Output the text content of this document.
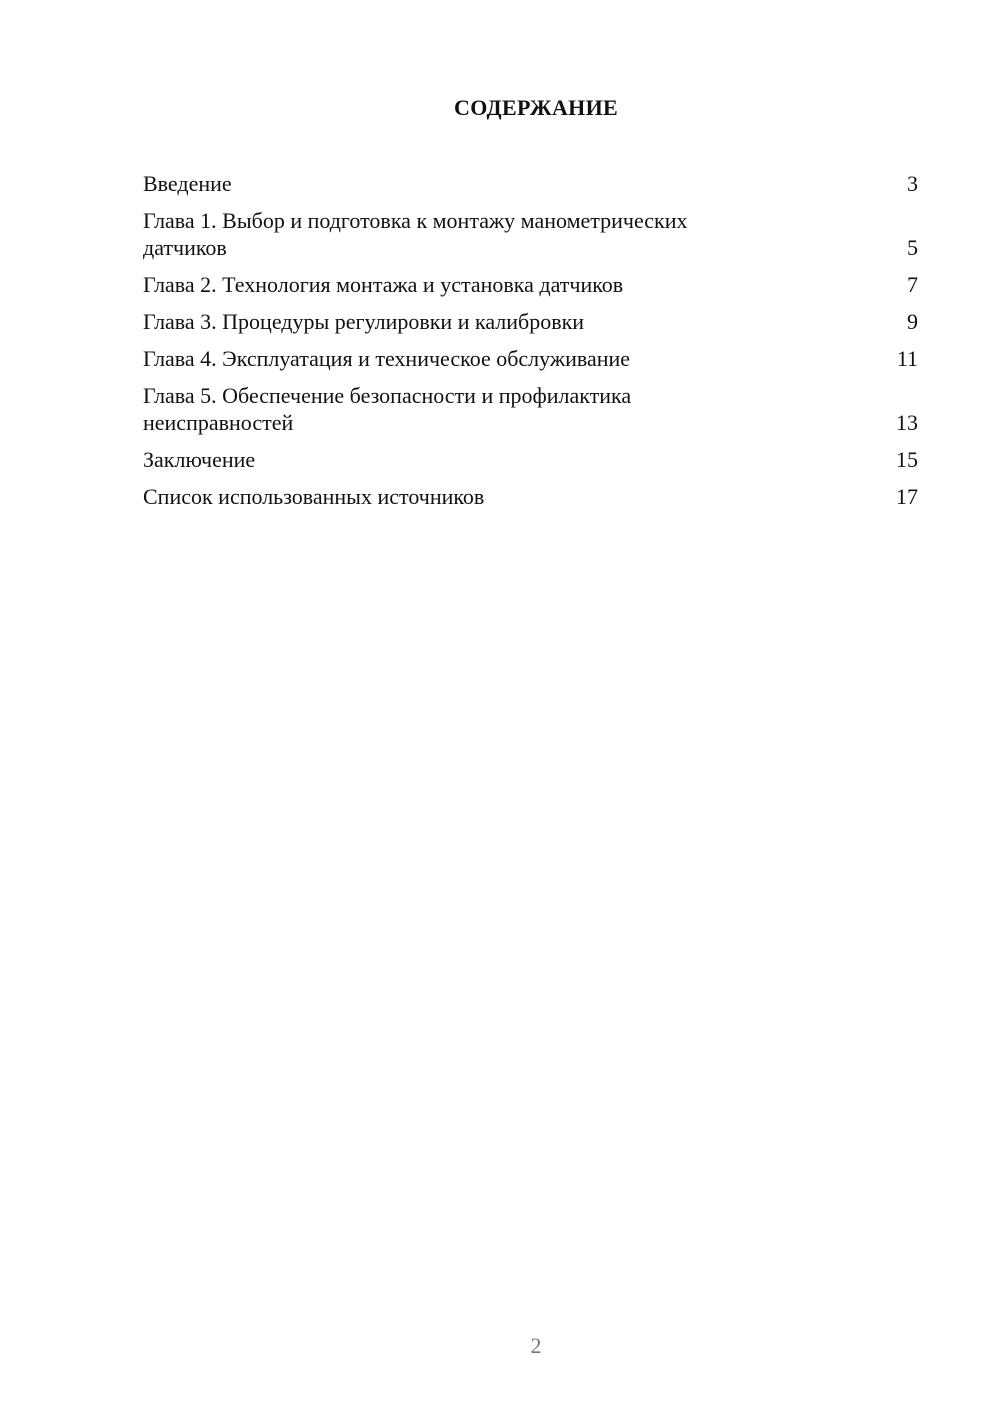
СОДЕРЖАНИЕ
Введение	3
Глава 1. Выбор и подготовка к монтажу манометрических датчиков	5
Глава 2. Технология монтажа и установка датчиков	7
Глава 3. Процедуры регулировки и калибровки	9
Глава 4. Эксплуатация и техническое обслуживание	11
Глава 5. Обеспечение безопасности и профилактика неисправностей	13
Заключение	15
Список использованных источников	17
2
